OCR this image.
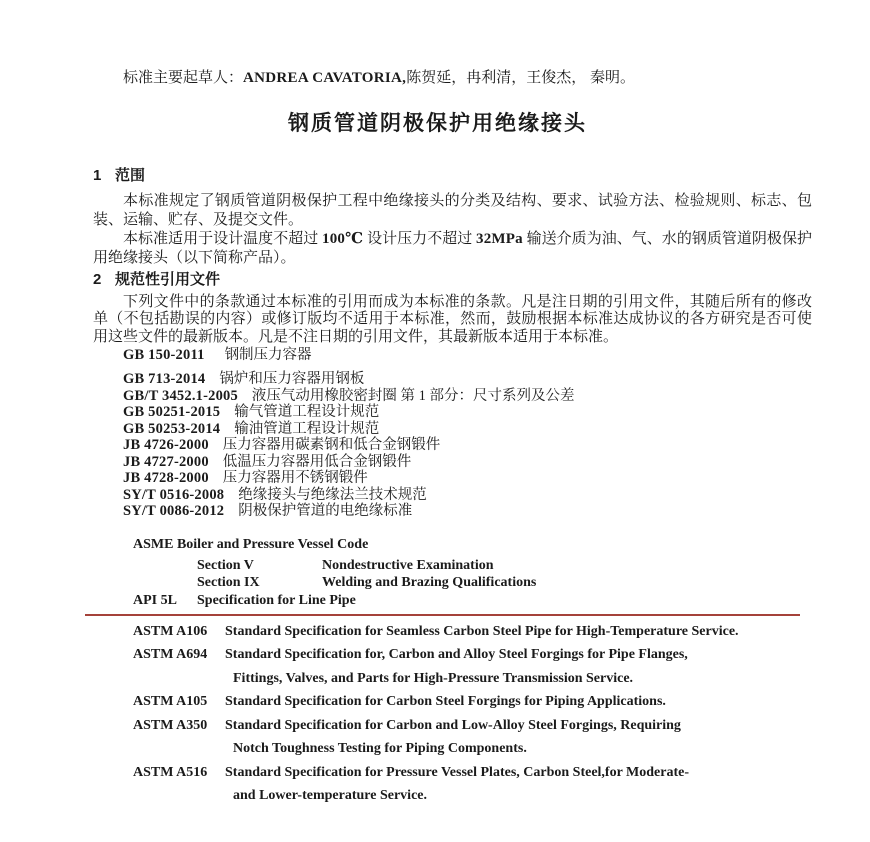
标准主要起草人：ANDREA CAVATORIA,陈贺延，冉利清，王俊杰， 秦明。
钢质管道阴极保护用绝缘接头
1 范围
本标准规定了钢质管道阴极保护工程中绝缘接头的分类及结构、要求、试验方法、检验规则、标志、包装、运输、贮存、及提交文件。
本标准适用于设计温度不超过 100℃ 设计压力不超过 32MPa 输送介质为油、气、水的钢质管道阴极保护用绝缘接头（以下简称产品）。
2 规范性引用文件
下列文件中的条款通过本标准的引用而成为本标准的条款。凡是注日期的引用文件，其随后所有的修改单（不包括勘误的内容）或修订版均不适用于本标准，然而，鼓励根据本标准达成协议的各方研究是否可使用这些文件的最新版本。凡是不注日期的引用文件，其最新版本适用于本标准。
GB 150-2011 钢制压力容器
GB 713-2014 锅炉和压力容器用钢板
GB/T 3452.1-2005 液压气动用橡胶密封圈 第 1 部分：尺寸系列及公差
GB 50251-2015 输气管道工程设计规范
GB 50253-2014 输油管道工程设计规范
JB 4726-2000 压力容器用碳素钢和低合金钢锻件
JB 4727-2000 低温压力容器用低合金钢锻件
JB 4728-2000 压力容器用不锈钢锻件
SY/T 0516-2008 绝缘接头与绝缘法兰技术规范
SY/T 0086-2012 阴极保护管道的电绝缘标准
ASME Boiler and Pressure Vessel Code
Section V	Nondestructive Examination
Section IX	Welding and Brazing Qualifications
API 5L Specification for Line Pipe
ASTM A106	Standard Specification for Seamless Carbon Steel Pipe for High-Temperature Service.
ASTM A694	Standard Specification for, Carbon and Alloy Steel Forgings for Pipe Flanges,
Fittings, Valves, and Parts for High-Pressure Transmission Service.
ASTM A105	Standard Specification for Carbon Steel Forgings for Piping Applications.
ASTM A350	Standard Specification for Carbon and Low-Alloy Steel Forgings, Requiring
Notch Toughness Testing for Piping Components.
ASTM A516	Standard Specification for Pressure Vessel Plates, Carbon Steel,for Moderate-
and Lower-temperature Service.
